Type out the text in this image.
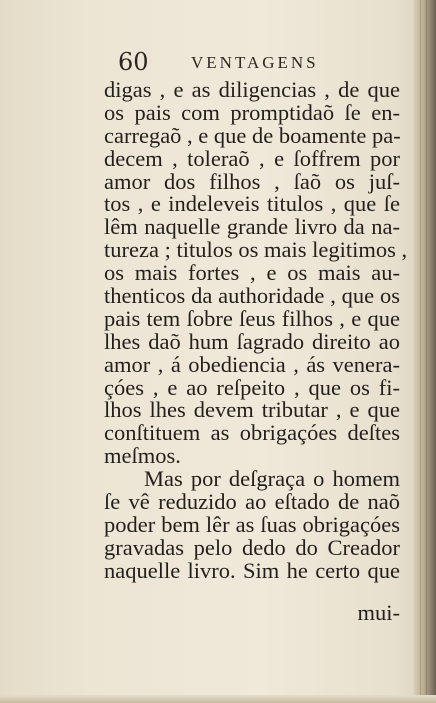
60 VENTAGENS
digas , e as diligencias , de que
os pais com promptidaõ ſe en-
carregaõ , e que de boamente pa-
decem , toleraõ , e ſoffrem por
amor dos filhos , ſaõ os juſ-
tos , e indeleveis titulos , que ſe
lêm naquelle grande livro da na-
tureza ; titulos os mais legitimos ,
os mais fortes , e os mais au-
thenticos da authoridade , que os
pais tem ſobre ſeus filhos , e que
lhes daõ hum ſagrado direito ao
amor , á obediencia , ás venera-
çóes , e ao reſpeito , que os fi-
lhos lhes devem tributar , e que
conſtituem as obrigaçóes deſtes
meſmos.
Mas por deſgraça o homem
ſe vê reduzido ao eſtado de naõ
poder bem lêr as ſuas obrigaçóes
gravadas pelo dedo do Creador
naquelle livro. Sim he certo que
mui-
